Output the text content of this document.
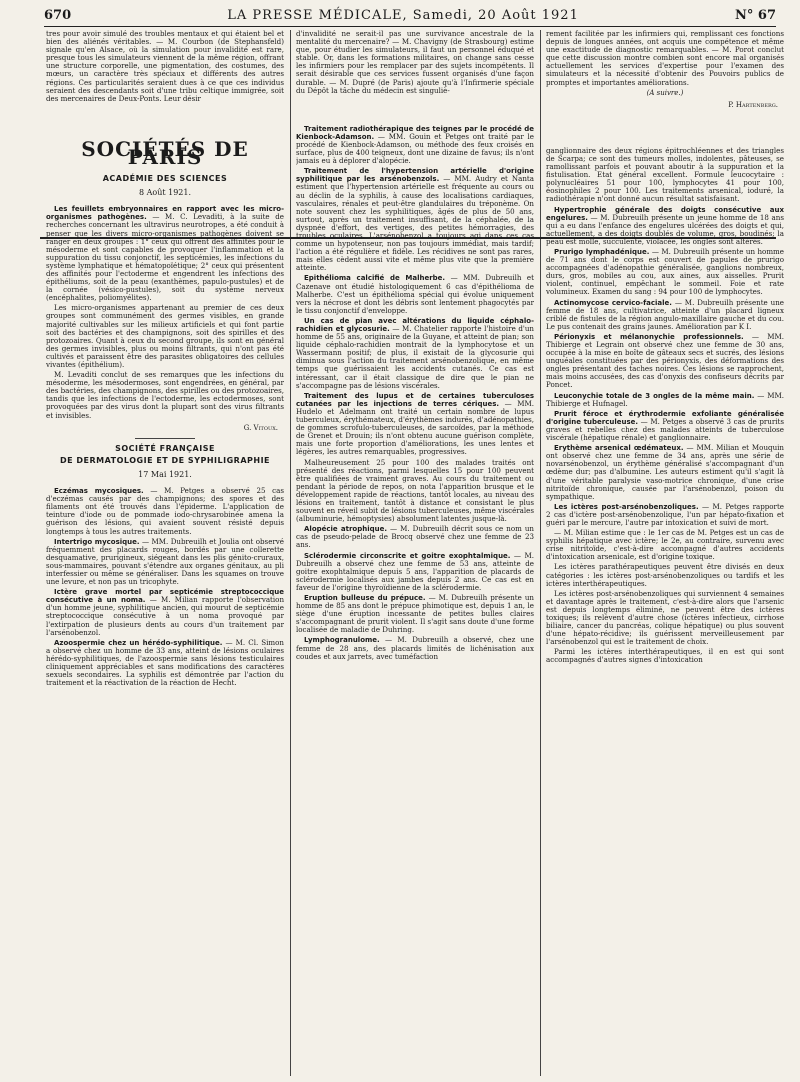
670	LA PRESSE MÉDICALE, Samedi, 20 Août 1921	N° 67

tres pour avoir simulé des troubles mentaux et qui étaient bel et bien des aliénés véritables. — M. Courbon (de Stephansfeld) signale qu'en Alsace, où la simulation pour invalidité est rare, presque tous les simulateurs viennent de la même région, offrant une structure corporelle, une pigmentation, des costumes, des mœurs, un caractère très spéciaux et différents des autres régions. Ces particularités seraient dues à ce que ces individus seraient des descendants soit d'une tribu celtique immigrée, soit des mercenaires de Deux-Ponts. Leur désir

SOCIÉTÉS DE PARIS
ACADÉMIE DES SCIENCES
8 Août 1921.

Les feuillets embryonnaires en rapport avec les micro-organismes pathogènes. — M. C. Levaditi, à la suite de recherches concernant les ultravirus neurotropes, a été conduit à penser que les divers micro-organismes pathogènes doivent se ranger en deux groupes : 1° ceux qui offrent des affinités pour le mésoderme et sont capables de provoquer l'inflammation et la suppuration du tissu conjonctif, les septicémies, les infections du système lymphatique et hématopoïétique; 2° ceux qui présentent des affinités pour l'ectoderme et engendrent les infections des épithéliums, soit de la peau (exanthèmes, papulo-pustules) et de la cornée (vésico-pustules), soit du système nerveux (encéphalites, poliomyélites).

Les micro-organismes appartenant au premier de ces deux groupes sont communément des germes visibles, en grande majorité cultivables sur les milieux artificiels et qui font partie soit des bactéries et des champignons, soit des spirilles et des protozoaires. Quant à ceux du second groupe, ils sont en général des germes invisibles, plus ou moins filtrants, qui n'ont pas été cultivés et paraissent être des parasites obligatoires des cellules vivantes (épithélium).

M. Levaditi conclut de ses remarques que les infections du mésoderme, les mésodermoses, sont engendrées, en général, par des bactéries, des champignons, des spirilles ou des protozoaires, tandis que les infections de l'ectoderme, les ectodermoses, sont provoquées par des virus dont la plupart sont des virus filtrants et invisibles.

G. Vitoux.
SOCIÉTÉ FRANÇAISE
DE DERMATOLOGIE ET DE SYPHILIGRAPHIE
17 Mai 1921.

Eczémas mycosiques. — M. Petges a observé 25 cas d'eczémas causés par des champignons; des spores et des filaments ont été trouvés dans l'épiderme. L'application de teinture d'iode ou de pommade iodo-chrysarobinée amena la guérison des lésions, qui avaient souvent résisté depuis longtemps à tous les autres traitements.

Intertrigo mycosique. — MM. Dubreuilh et Joulia ont observé fréquemment des placards rouges, bordés par une collerette desquamative, prurigineux, siégeant dans les plis génito-cruraux, sous-mammaires, pouvant s'étendre aux organes génitaux, au pli interfessier ou même se généraliser. Dans les squames on trouve une levure, et non pas un tricophyte.

Ictère grave mortel par septicémie streptococcique consécutive à un noma. — M. Milian rapporte l'observation d'un homme jeune, syphilitique ancien, qui mourut de septicémie streptococcique consécutive à un noma provoqué par l'extirpation de plusieurs dents au cours d'un traitement par l'arsénobenzol.

Azoospermie chez un hérédo-syphilitique. — M. Cl. Simon a observé chez un homme de 33 ans, atteint de lésions oculaires hérédo-syphilitiques, de l'azoospermie sans lésions testiculaires cliniquement appréciables et sans modifications des caractères sexuels secondaires. La syphilis est démontrée par l'action du traitement et la réactivation de la réaction de Hecht.

d'invalidité ne serait-il pas une survivance ancestrale de la mentalité du mercenaire? — M. Chavigny (de Strasbourg) estime que, pour étudier les simulateurs, il faut un personnel éduqué et stable. Or, dans les formations militaires, on change sans cesse les infirmiers pour les remplacer par des sujets incompétents. Il serait désirable que ces services fussent organisés d'une façon durable. — M. Dupré (de Paris) ajoute qu'à l'Infirmerie spéciale du Dépôt la tâche du médecin est singuliè-

Traitement radiothérapique des teignes par le procédé de Kienbock-Adamson. — MM. Gouin et Petges ont traité par le procédé de Kienbock-Adamson, ou méthode des feux croisés en surface, plus de 400 teigneux, dont une dizaine de favus; ils n'ont jamais eu à déplorer d'alopécie.

Traitement de l'hypertension artérielle d'origine syphilitique par les arsénobenzols. — MM. Audry et Nanta estiment que l'hypertension artérielle est fréquente au cours ou au déclin de la syphilis, à cause des localisations cardiaques, vasculaires, rénales et peut-être glandulaires du tréponème. On note souvent chez les syphilitiques, âgés de plus de 50 ans, surtout, après un traitement insuffisant, de la céphalée, de la dyspnée d'effort, des vertiges, des petites hémorragies, des troubles oculaires. L'arsénobenzol a toujours agi dans ces cas comme un hypotenseur, non pas toujours immédiat, mais tardif; l'action a été régulière et fidèle. Les récidives ne sont pas rares, mais elles cèdent aussi vite et même plus vite que la première atteinte.

Epithélioma calcifié de Malherbe. — MM. Dubreuilh et Cazenave ont étudié histologiquement 6 cas d'épithélioma de Malherbe. C'est un épithélioma spécial qui évolue uniquement vers la nécrose et dont les débris sont lentement phagocytés par le tissu conjonctif d'enveloppe.

Un cas de pian avec altérations du liquide céphalo-rachidien et glycosurie. — M. Chatelier rapporte l'histoire d'un homme de 55 ans, originaire de la Guyane, et atteint de pian; son liquide céphalo-rachidien montrait de la lymphocytose et un Wassermann positif; de plus, il existait de la glycosurie qui diminua sous l'action du traitement arsénobenzolique, en même temps que guérissaient les accidents cutanés. Ce cas est intéressant, car il était classique de dire que le pian ne s'accompagne pas de lésions viscérales.

Traitement des lupus et de certaines tuberculoses cutanées par les injections de terres cériques. — MM. Hudelo et Adelmann ont traité un certain nombre de lupus tuberculeux, érythémateux, d'érythèmes indurés, d'adénopathies, de gommes scrofulo-tuberculeuses, de sarcoïdes, par la méthode de Grenet et Drouin; ils n'ont obtenu aucune guérison complète, mais une forte proportion d'améliorations, les unes lentes et légères, les autres remarquables, progressives.

Malheureusement 25 pour 100 des malades traités ont présenté des réactions, parmi lesquelles 15 pour 100 peuvent être qualifiées de vraiment graves. Au cours du traitement ou pendant la période de repos, on nota l'apparition brusque et le développement rapide de réactions, tantôt locales, au niveau des lésions en traitement, tantôt à distance et consistant le plus souvent en réveil subit de lésions tuberculeuses, même viscérales (albuminurie, hémoptysies) absolument latentes jusque-là.

Alopécie atrophique. — M. Dubreuilh décrit sous ce nom un cas de pseudo-pelade de Brocq observé chez une femme de 23 ans.

Sclérodermie circonscrite et goitre exophtalmique. — M. Dubreuilh a observé chez une femme de 53 ans, atteinte de goitre exophtalmique depuis 5 ans, l'apparition de placards de sclérodermie localisés aux jambes depuis 2 ans. Ce cas est en faveur de l'origine thyroïdienne de la sclérodermie.

Eruption bulleuse du prépuce. — M. Dubreuilh présente un homme de 85 ans dont le prépuce phimotique est, depuis 1 an, le siège d'une éruption incessante de petites bulles claires s'accompagnant de prurit violent. Il s'agit sans doute d'une forme localisée de maladie de Duhring.

Lymphogranulome. — M. Dubreuilh a observé, chez une femme de 28 ans, des placards limités de lichénisation aux coudes et aux jarrets, avec tuméfaction

rement facilitée par les infirmiers qui, remplissant ces fonctions depuis de longues années, ont acquis une compétence et même une exactitude de diagnostic remarquables. — M. Porot conclut que cette discussion montre combien sont encore mal organisés actuellement les services d'expertise pour l'examen des simulateurs et la nécessité d'obtenir des Pouvoirs publics de promptes et importantes améliorations.

(A suivre.)
P. Hartenberg.

ganglionnaire des deux régions épitrochléennes et des triangles de Scarpa; ce sont des tumeurs molles, indolentes, pâteuses, se ramollissant parfois et pouvant aboutir à la suppuration et la fistulisation. Etat général excellent. Formule leucocytaire : polynucléaires 51 pour 100, lymphocytes 41 pour 100, éosinophiles 2 pour 100. Les traitements arsenical, ioduré, la radiothérapie n'ont donné aucun résultat satisfaisant.

Hypertrophie générale des doigts consécutive aux engelures. — M. Dubreuilh présente un jeune homme de 18 ans qui a eu dans l'enfance des engelures ulcérées des doigts et qui, actuellement, a des doigts doublés de volume, gros, boudinés; la peau est molle, succulente, violacée, les ongles sont altérés.

Prurigo lymphadénique. — M. Dubreuilh présente un homme de 71 ans dont le corps est couvert de papules de prurigo accompagnées d'adénopathie généralisée, ganglions nombreux, durs, gros, mobiles au cou, aux aines, aux aisselles. Prurit violent, continuel, empêchant le sommeil. Foie et rate volumineux. Examen du sang : 94 pour 100 de lymphocytes.

Actinomycose cervico-faciale. — M. Dubreuilh présente une femme de 18 ans, cultivatrice, atteinte d'un placard ligneux criblé de fistules de la région angulo-maxillaire gauche et du cou. Le pus contenait des grains jaunes. Amélioration par K I.

Périonyxis et mélanonychie professionnels. — MM. Thibierge et Legrain ont observé chez une femme de 30 ans, occupée à la mise en boîte de gâteaux secs et sucrés, des lésions unguéales constituées par des périonyxis, des déformations des ongles présentant des taches noires. Ces lésions se rapprochent, mais moins accusées, des cas d'onyxis des confiseurs décrits par Poncet.

Leuconychie totale de 3 ongles de la même main. — MM. Thibierge et Hufnagel.

Prurit féroce et érythrodermie exfoliante généralisée d'origine tuberculeuse. — M. Petges a observé 3 cas de prurits graves et rebelles chez des malades atteints de tuberculose viscérale (hépatique rénale) et ganglionnaire.

Erythème arsenical œdémateux. — MM. Milian et Mouquin ont observé chez une femme de 34 ans, après une série de novarsénobenzol, un érythème généralisé s'accompagnant d'un œdème dur; pas d'albumine. Les auteurs estiment qu'il s'agit là d'une véritable paralysie vaso-motrice chronique, d'une crise nitritoïde chronique, causée par l'arsénobenzol, poison du sympathique.

Les ictères post-arsénobenzoliques. — M. Petges rapporte 2 cas d'ictère post-arsénobenzolique, l'un par hépato-fixation et guéri par le mercure, l'autre par intoxication et suivi de mort.

— M. Milian estime que : le 1er cas de M. Petges est un cas de syphilis hépatique avec ictère; le 2e, au contraire, survenu avec crise nitritoïde, c'est-à-dire accompagné d'autres accidents d'intoxication arsenicale, est d'origine toxique.

Les ictères parathérapeutiques peuvent être divisés en deux catégories : les ictères post-arsénobenzoliques ou tardifs et les ictères interthérapeutiques.

Les ictères post-arsénobenzoliques qui surviennent 4 semaines et davantage après le traitement, c'est-à-dire alors que l'arsenic est depuis longtemps éliminé, ne peuvent être des ictères toxiques; ils relèvent d'autre chose (ictères infectieux, cirrhose biliaire, cancer du pancréas, colique hépatique) ou plus souvent d'une hépato-récidive; ils guérissent merveilleusement par l'arsénobenzol qui est le traitement de choix.

Parmi les ictères interthérapeutiques, il en est qui sont accompagnés d'autres signes d'intoxication
